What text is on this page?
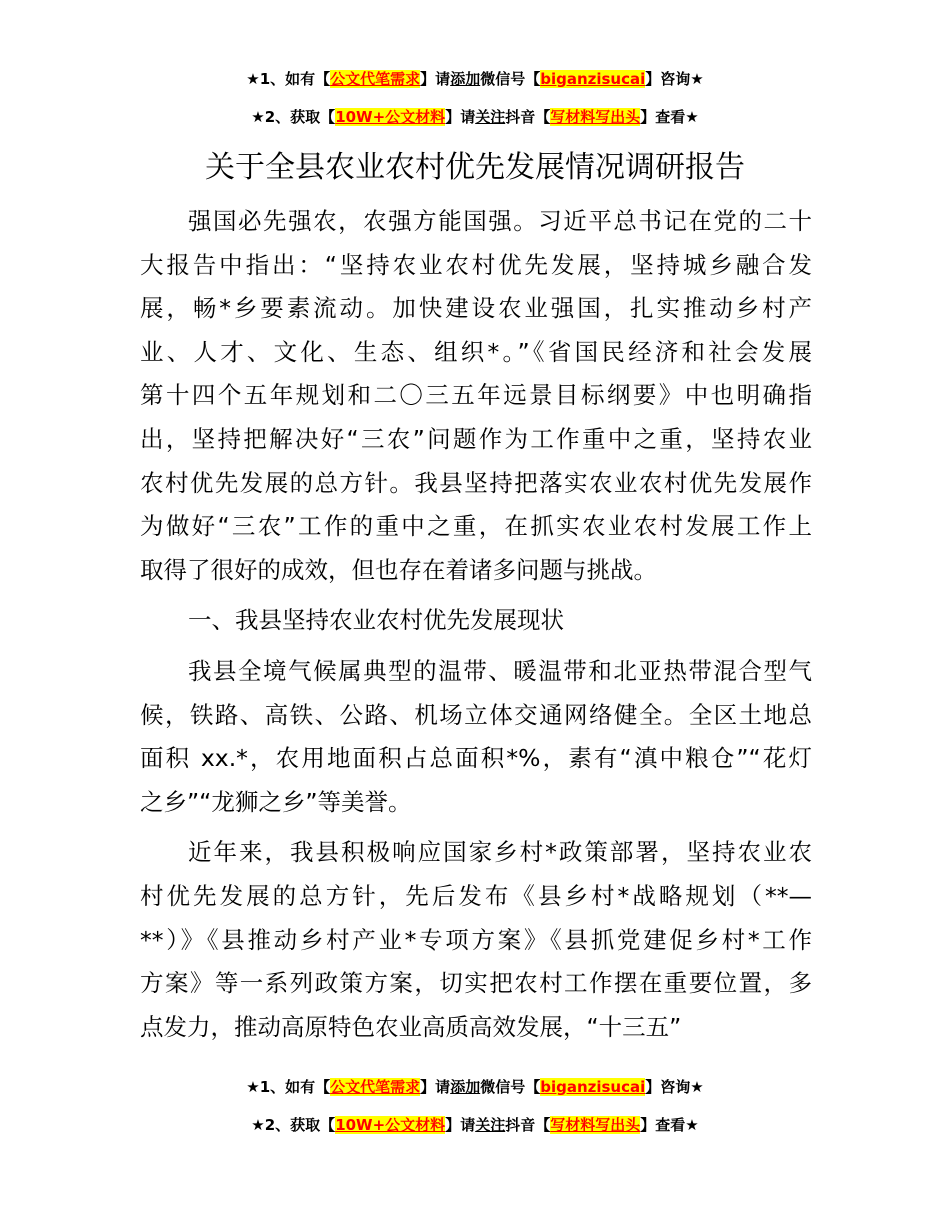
★1、如有【公文代笔需求】请添加微信号【biganzisucai】咨询★
★2、获取【10W+公文材料】请关注抖音【写材料写出头】查看★
关于全县农业农村优先发展情况调研报告
强国必先强农，农强方能国强。习近平总书记在党的二十
大报告中指出：“坚持农业农村优先发展，坚持城乡融合发
展，畅*乡要素流动。加快建设农业强国，扎实推动乡村产
业、人才、文化、生态、组织*。”《省国民经济和社会发展
第十四个五年规划和二〇三五年远景目标纲要》中也明确指
出，坚持把解决好“三农”问题作为工作重中之重，坚持农业
农村优先发展的总方针。我县坚持把落实农业农村优先发展作
为做好“三农”工作的重中之重，在抓实农业农村发展工作上
取得了很好的成效，但也存在着诸多问题与挑战。
一、我县坚持农业农村优先发展现状
我县全境气候属典型的温带、暖温带和北亚热带混合型气
候，铁路、高铁、公路、机场立体交通网络健全。全区土地总
面积 xx.*，农用地面积占总面积*%，素有“滇中粮仓”“花灯
之乡”“龙狮之乡”等美誉。
近年来，我县积极响应国家乡村*政策部署，坚持农业农
村优先发展的总方针，先后发布《县乡村*战略规划（**—
**）》《县推动乡村产业*专项方案》《县抓党建促乡村*工作
方案》等一系列政策方案，切实把农村工作摆在重要位置，多
点发力，推动高原特色农业高质高效发展，“十三五”
★1、如有【公文代笔需求】请添加微信号【biganzisucai】咨询★
★2、获取【10W+公文材料】请关注抖音【写材料写出头】查看★
